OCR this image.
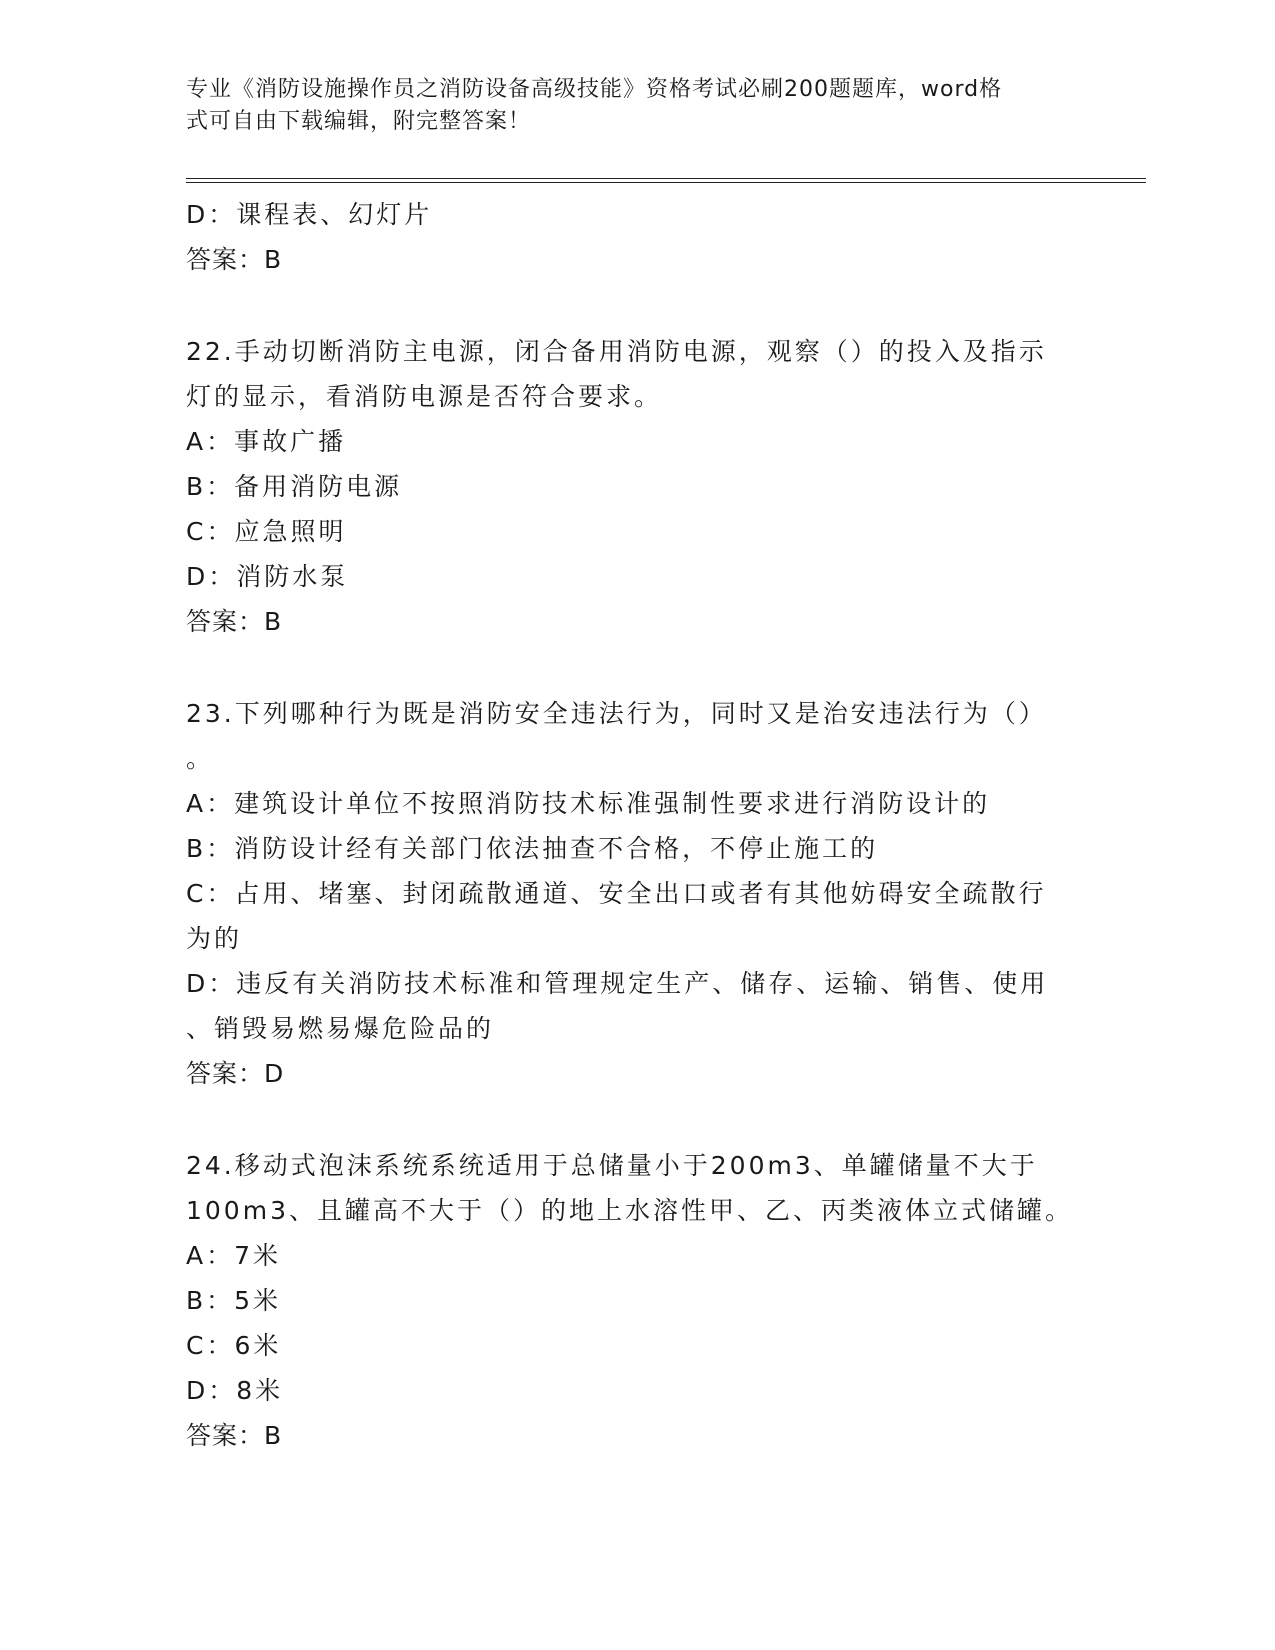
专业《消防设施操作员之消防设备高级技能》资格考试必刷200题题库，word格
式可自由下载编辑，附完整答案！

D：课程表、幻灯片

答案：B

22.手动切断消防主电源，闭合备用消防电源，观察（）的投入及指示

灯的显示，看消防电源是否符合要求。

A：事故广播

B：备用消防电源

C：应急照明

D：消防水泵

答案：B

23.下列哪种行为既是消防安全违法行为，同时又是治安违法行为（）

。

A：建筑设计单位不按照消防技术标准强制性要求进行消防设计的

B：消防设计经有关部门依法抽查不合格，不停止施工的

C：占用、堵塞、封闭疏散通道、安全出口或者有其他妨碍安全疏散行

为的

D：违反有关消防技术标准和管理规定生产、储存、运输、销售、使用

、销毁易燃易爆危险品的

答案：D

24.移动式泡沫系统系统适用于总储量小于200m3、单罐储量不大于

100m3、且罐高不大于（）的地上水溶性甲、乙、丙类液体立式储罐。

A：7米

B：5米

C：6米

D：8米

答案：B
